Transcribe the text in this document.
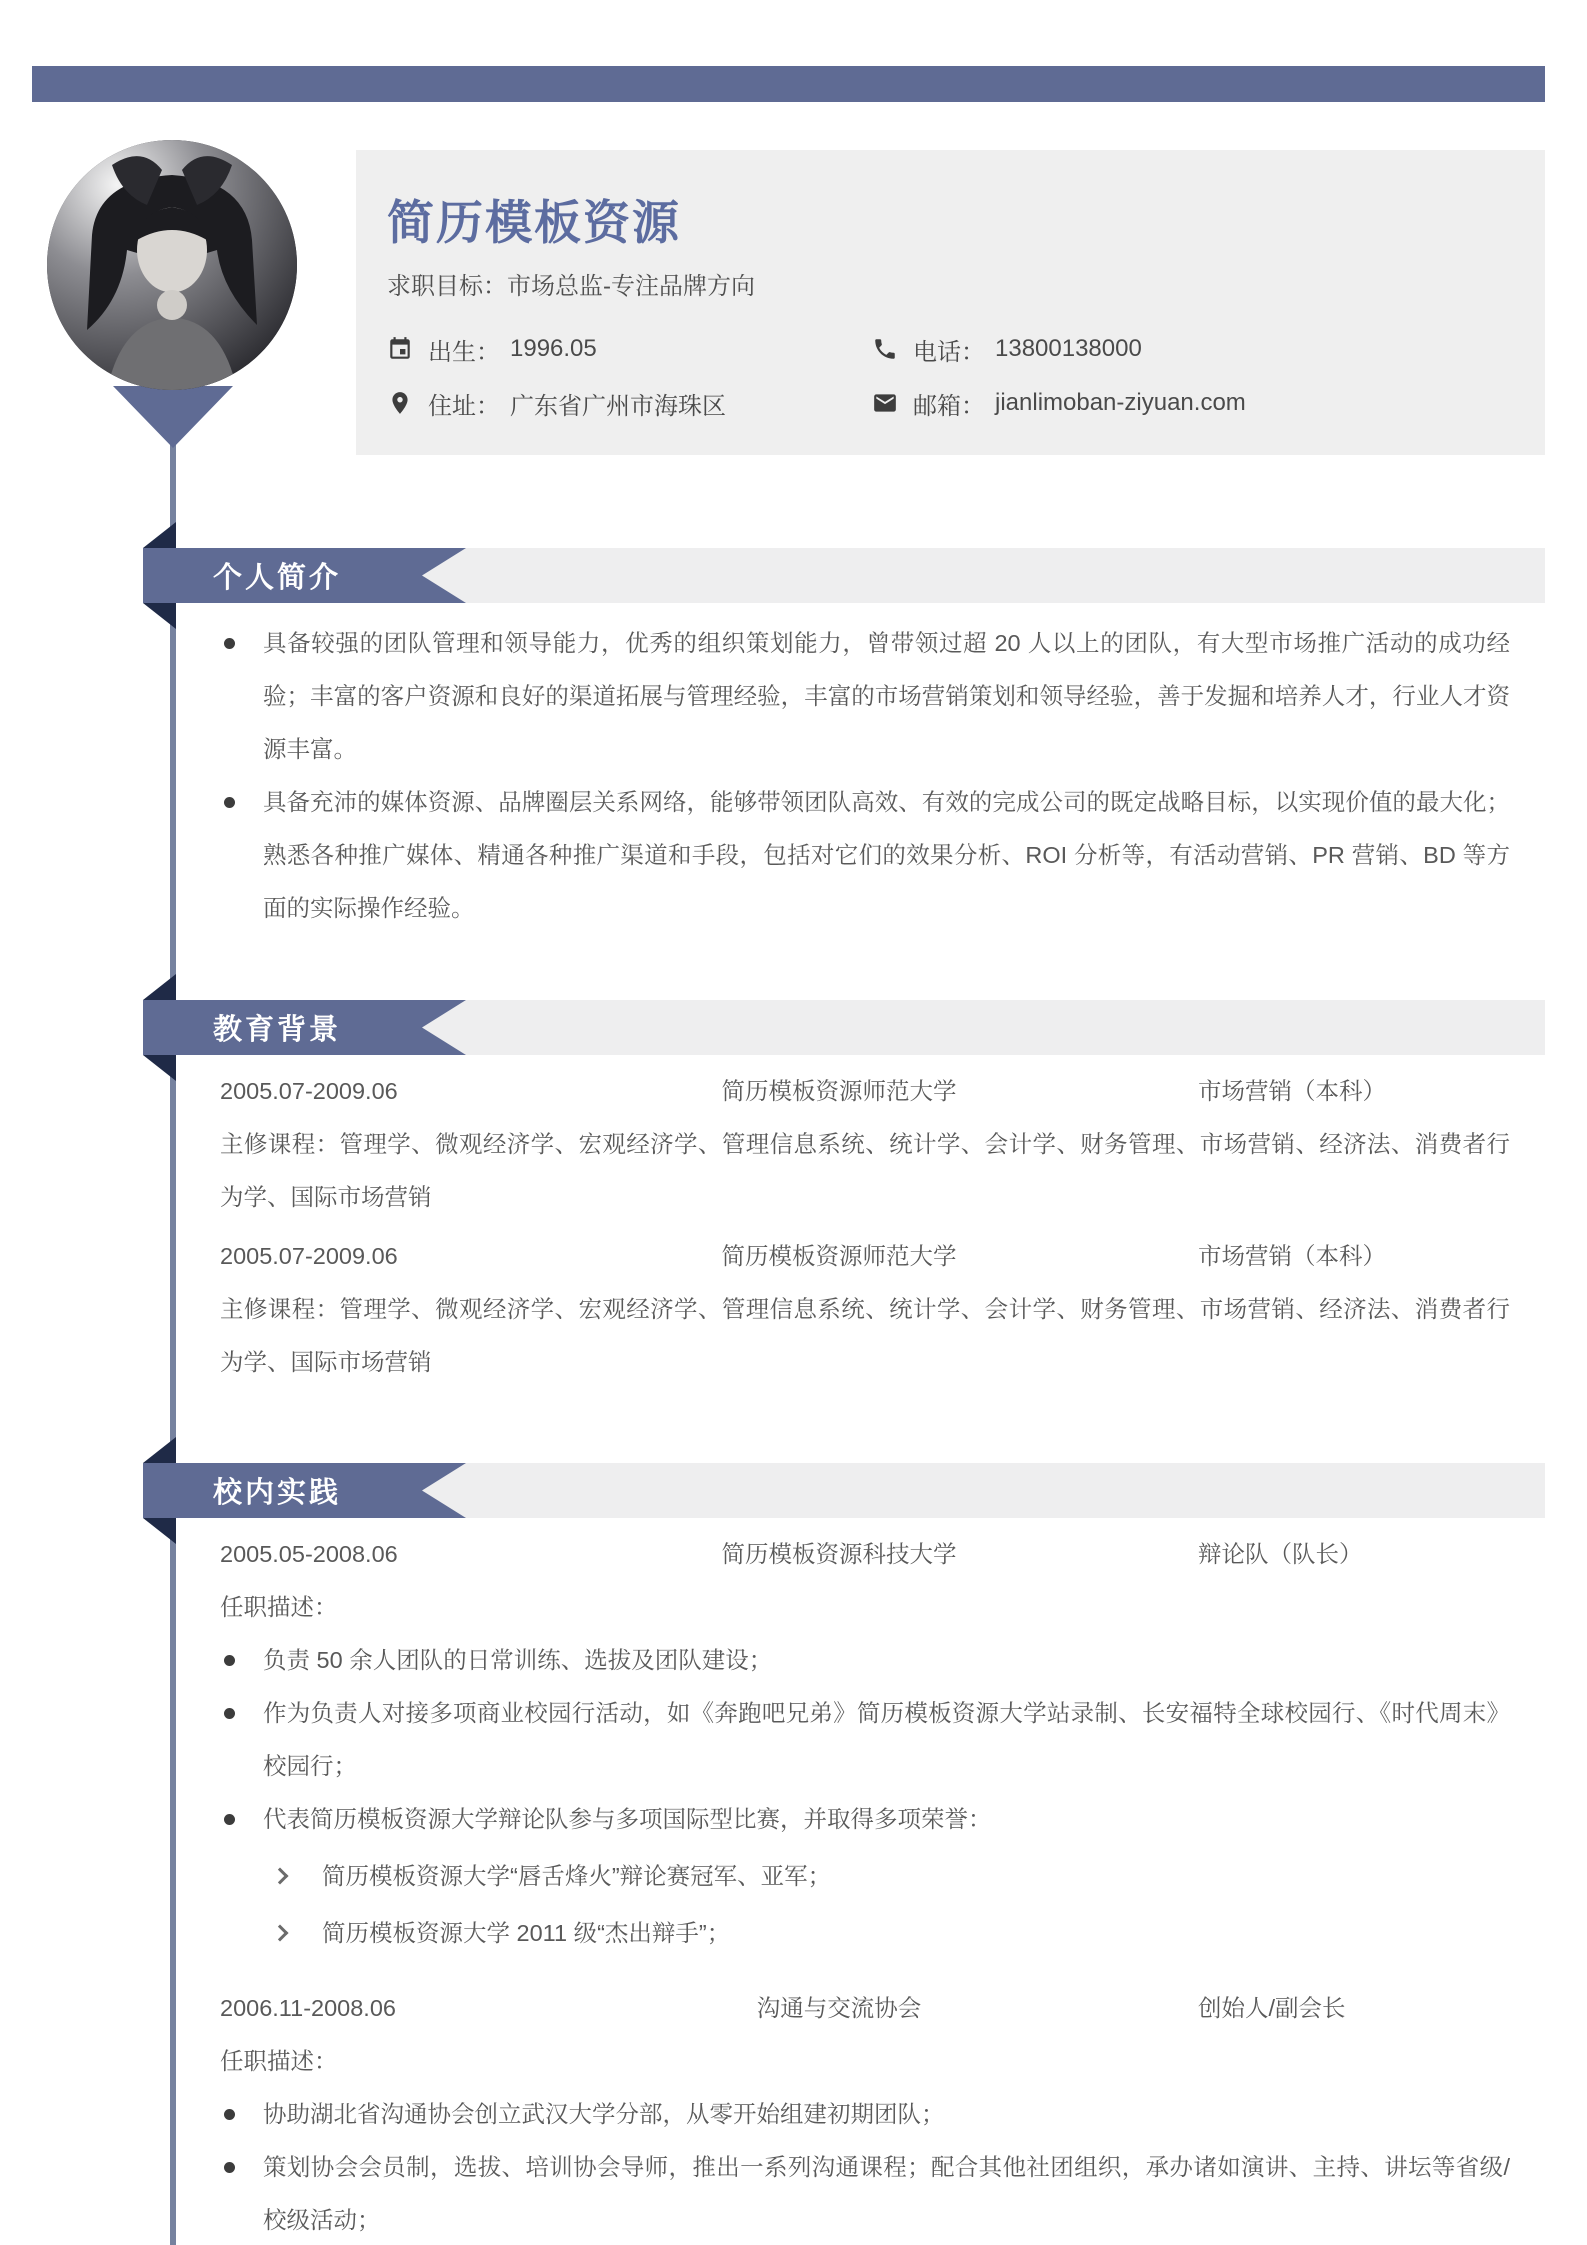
简历模板资源
求职目标：市场总监-专注品牌方向
出生： 1996.05	电话： 13800138000
住址： 广东省广州市海珠区	邮箱： jianlimoban-ziyuan.com
个人简介
具备较强的团队管理和领导能力，优秀的组织策划能力，曾带领过超 20 人以上的团队，有大型市场推广活动的成功经验；丰富的客户资源和良好的渠道拓展与管理经验，丰富的市场营销策划和领导经验，善于发掘和培养人才，行业人才资源丰富。
具备充沛的媒体资源、品牌圈层关系网络，能够带领团队高效、有效的完成公司的既定战略目标，以实现价值的最大化；熟悉各种推广媒体、精通各种推广渠道和手段，包括对它们的效果分析、ROI 分析等，有活动营销、PR 营销、BD 等方面的实际操作经验。
教育背景
2005.07-2009.06	简历模板资源师范大学	市场营销（本科）
主修课程：管理学、微观经济学、宏观经济学、管理信息系统、统计学、会计学、财务管理、市场营销、经济法、消费者行为学、国际市场营销
2005.07-2009.06	简历模板资源师范大学	市场营销（本科）
主修课程：管理学、微观经济学、宏观经济学、管理信息系统、统计学、会计学、财务管理、市场营销、经济法、消费者行为学、国际市场营销
校内实践
2005.05-2008.06	简历模板资源科技大学	辩论队（队长）
任职描述：
负责 50 余人团队的日常训练、选拔及团队建设；
作为负责人对接多项商业校园行活动，如《奔跑吧兄弟》简历模板资源大学站录制、长安福特全球校园行、《时代周末》校园行；
代表简历模板资源大学辩论队参与多项国际型比赛，并取得多项荣誉：
简历模板资源大学“唇舌烽火”辩论赛冠军、亚军；
简历模板资源大学 2011 级“杰出辩手”；
2006.11-2008.06	沟通与交流协会	创始人/副会长
任职描述：
协助湖北省沟通协会创立武汉大学分部，从零开始组建初期团队；
策划协会会员制，选拔、培训协会导师，推出一系列沟通课程；配合其他社团组织，承办诸如演讲、主持、讲坛等省级/校级活动；
